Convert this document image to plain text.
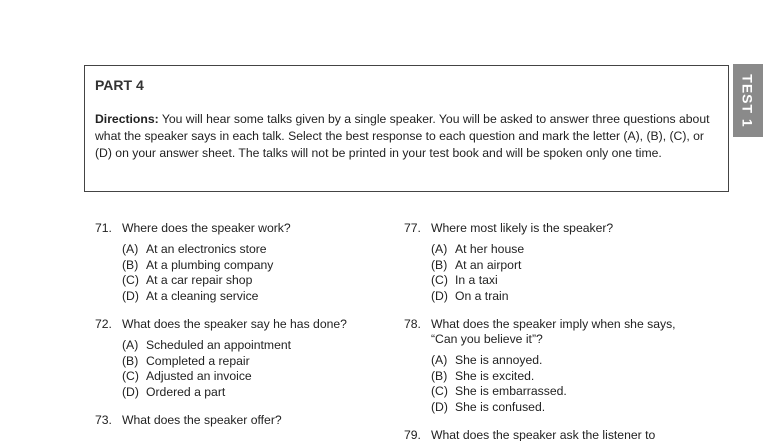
PART 4

Directions: You will hear some talks given by a single speaker. You will be asked to answer three questions about what the speaker says in each talk. Select the best response to each question and mark the letter (A), (B), (C), or (D) on your answer sheet. The talks will not be printed in your test book and will be spoken only one time.

TEST 1
71. Where does the speaker work?
(A) At an electronics store
(B) At a plumbing company
(C) At a car repair shop
(D) At a cleaning service
72. What does the speaker say he has done?
(A) Scheduled an appointment
(B) Completed a repair
(C) Adjusted an invoice
(D) Ordered a part
73. What does the speaker offer?
77. Where most likely is the speaker?
(A) At her house
(B) At an airport
(C) In a taxi
(D) On a train
78. What does the speaker imply when she says, “Can you believe it”?
(A) She is annoyed.
(B) She is excited.
(C) She is embarrassed.
(D) She is confused.
79. What does the speaker ask the listener to
